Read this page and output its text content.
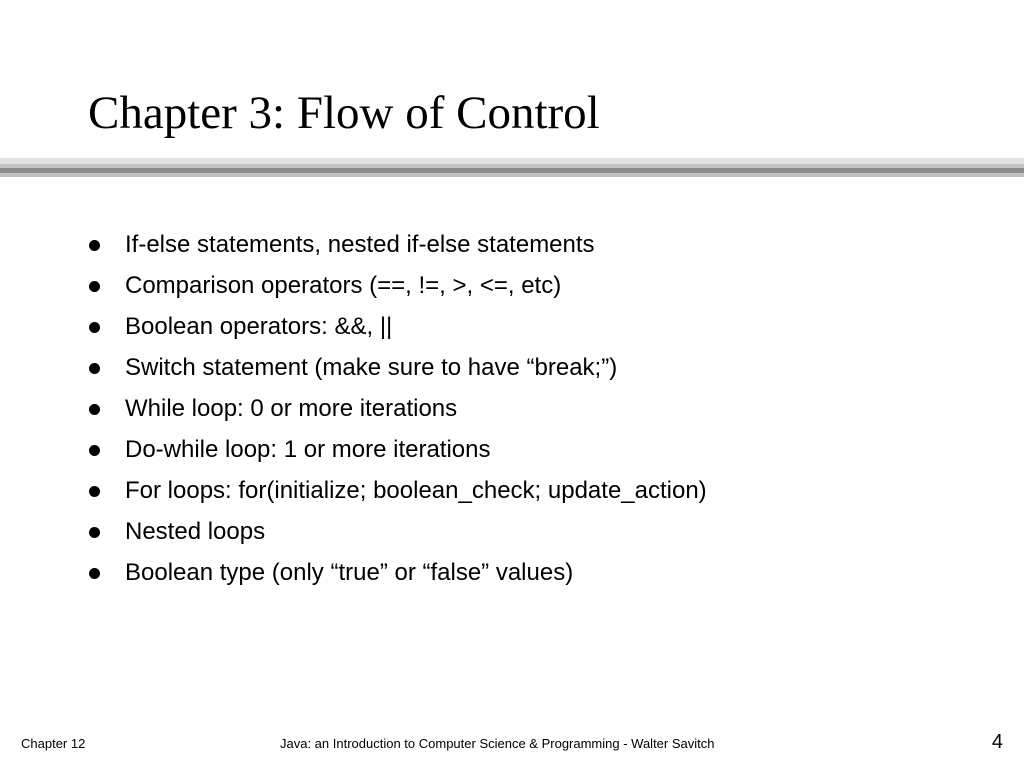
Chapter 3: Flow of Control
If-else statements, nested if-else statements
Comparison operators (==, !=, >, <=, etc)
Boolean operators: &&, ||
Switch statement (make sure to have “break;”)
While loop: 0 or more iterations
Do-while loop: 1 or more iterations
For loops: for(initialize; boolean_check; update_action)
Nested loops
Boolean type (only “true” or “false” values)
Chapter 12	Java: an Introduction to Computer Science & Programming - Walter Savitch	4
